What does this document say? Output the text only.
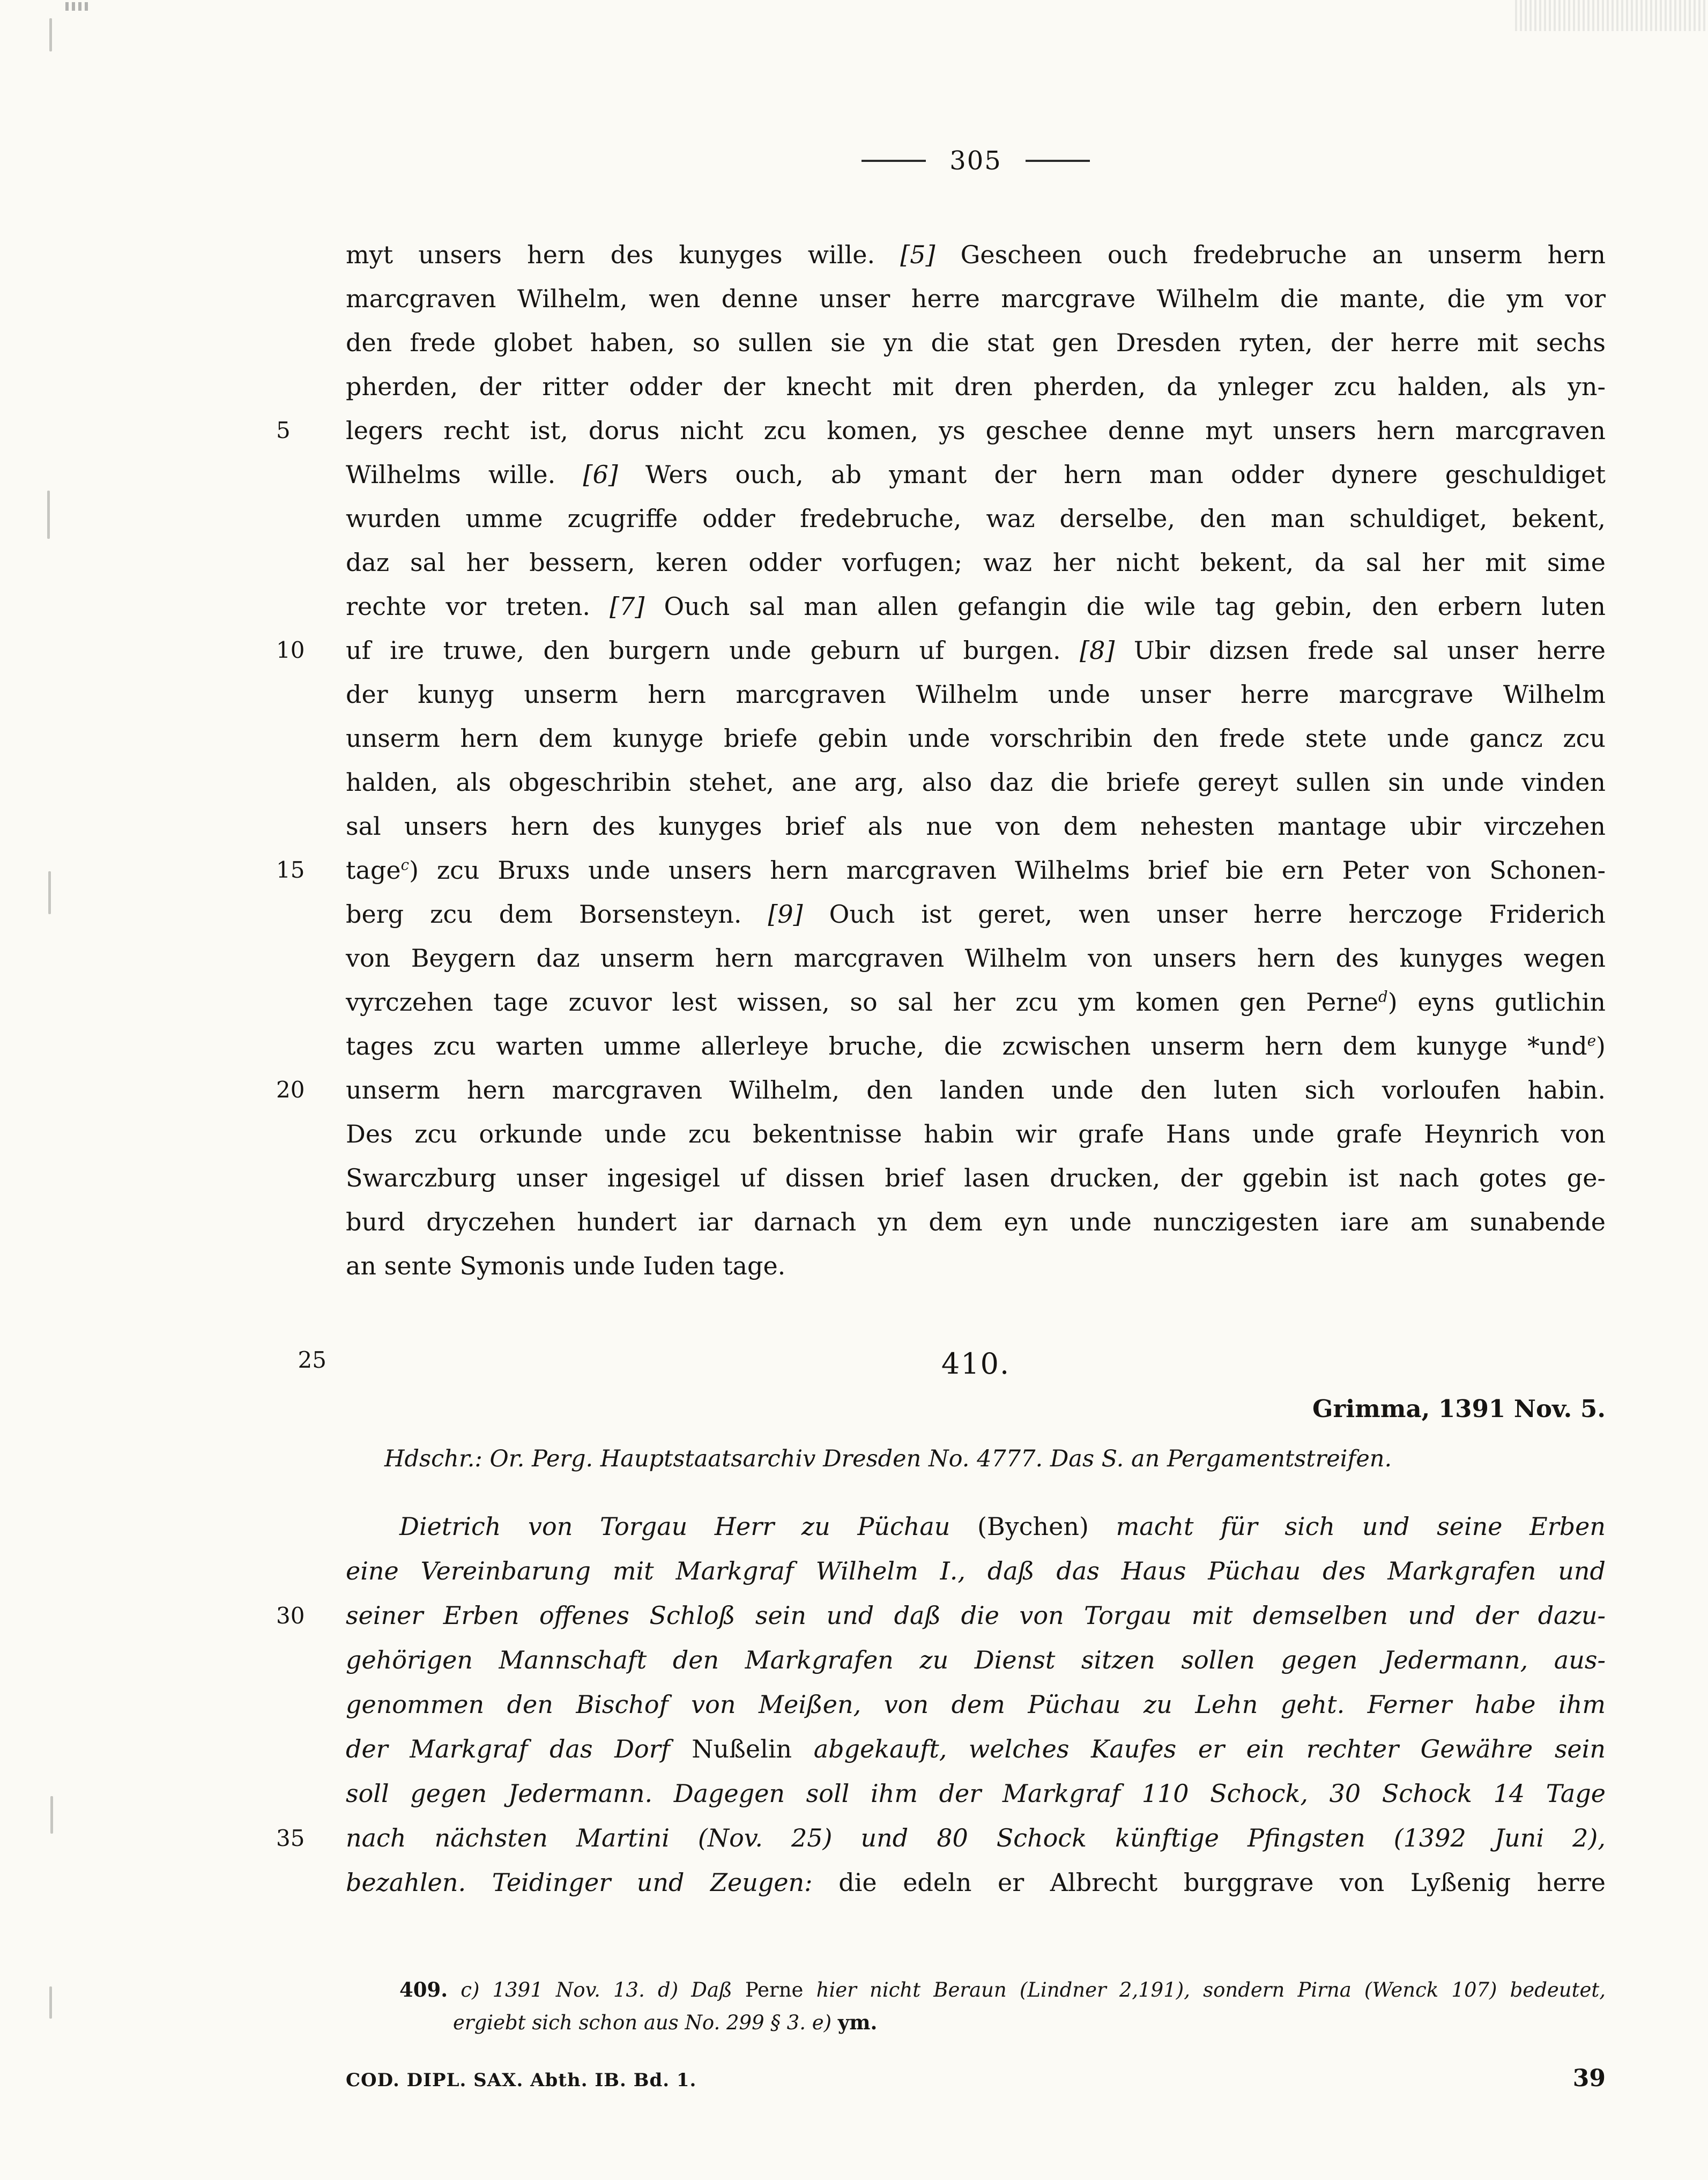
305
myt unsers hern des kunyges wille. [5] Gescheen ouch fredebruche an unserm hern
marcgraven Wilhelm, wen denne unser herre marcgrave Wilhelm die mante, die ym vor
den frede globet haben, so sullen sie yn die stat gen Dresden ryten, der herre mit sechs
pherden, der ritter odder der knecht mit dren pherden, da ynleger zcu halden, als yn-
5	legers recht ist, dorus nicht zcu komen, ys geschee denne myt unsers hern marcgraven
Wilhelms wille. [6] Wers ouch, ab ymant der hern man odder dynere geschuldiget
wurden umme zcugriffe odder fredebruche, waz derselbe, den man schuldiget, bekent,
daz sal her bessern, keren odder vorfugen; waz her nicht bekent, da sal her mit sime
rechte vor treten. [7] Ouch sal man allen gefangin die wile tag gebin, den erbern luten
10	uf ire truwe, den burgern unde geburn uf burgen. [8] Ubir dizsen frede sal unser herre
der kunyg unserm hern marcgraven Wilhelm unde unser herre marcgrave Wilhelm
unserm hern dem kunyge briefe gebin unde vorschribin den frede stete unde gancz zcu
halden, als obgeschribin stehet, ane arg, also daz die briefe gereyt sullen sin unde vinden
sal unsers hern des kunyges brief als nue von dem nehesten mantage ubir virczehen
15	tage$^c$) zcu Bruxs unde unsers hern marcgraven Wilhelms brief bie ern Peter von Schonen-
berg zcu dem Borsensteyn. [9] Ouch ist geret, wen unser herre herczoge Friderich
von Beygern daz unserm hern marcgraven Wilhelm von unsers hern des kunyges wegen
vyrczehen tage zcuvor lest wissen, so sal her zcu ym komen gen Perne$^d$) eyns gutlichin
tages zcu warten umme allerleye bruche, die zcwischen unserm hern dem kunyge *und$^e$)
20	unserm hern marcgraven Wilhelm, den landen unde den luten sich vorloufen habin.
Des zcu orkunde unde zcu bekentnisse habin wir grafe Hans unde grafe Heynrich von
Swarczburg unser ingesigel uf dissen brief lasen drucken, der ggebin ist nach gotes ge-
burd dryczehen hundert iar darnach yn dem eyn unde nunczigesten iare am sunabende
an sente Symonis unde Iuden tage.
25	410.
Grimma, 1391 Nov. 5.
Hdschr.: Or. Perg. Hauptstaatsarchiv Dresden No. 4777. Das S. an Pergamentstreifen.
Dietrich von Torgau Herr zu Püchau (Bychen) macht für sich und seine Erben
eine Vereinbarung mit Markgraf Wilhelm I., daß das Haus Püchau des Markgrafen und
30	seiner Erben offenes Schloß sein und daß die von Torgau mit demselben und der dazu-
gehörigen Mannschaft den Markgrafen zu Dienst sitzen sollen gegen Jedermann, aus-
genommen den Bischof von Meißen, von dem Püchau zu Lehn geht. Ferner habe ihm
der Markgraf das Dorf Nußelin abgekauft, welches Kaufes er ein rechter Gewähre sein
soll gegen Jedermann. Dagegen soll ihm der Markgraf 110 Schock, 30 Schock 14 Tage
35	nach nächsten Martini (Nov. 25) und 80 Schock künftige Pfingsten (1392 Juni 2),
bezahlen. Teidinger und Zeugen: die edeln er Albrecht burggrave von Lyßenig herre
409. c) 1391 Nov. 13. d) Daß Perne hier nicht Beraun (Lindner 2,191), sondern Pirna (Wenck 107) bedeutet,
ergiebt sich schon aus No. 299 § 3. e) ym.
COD. DIPL. SAX. Abth. IB. Bd. 1.	39
